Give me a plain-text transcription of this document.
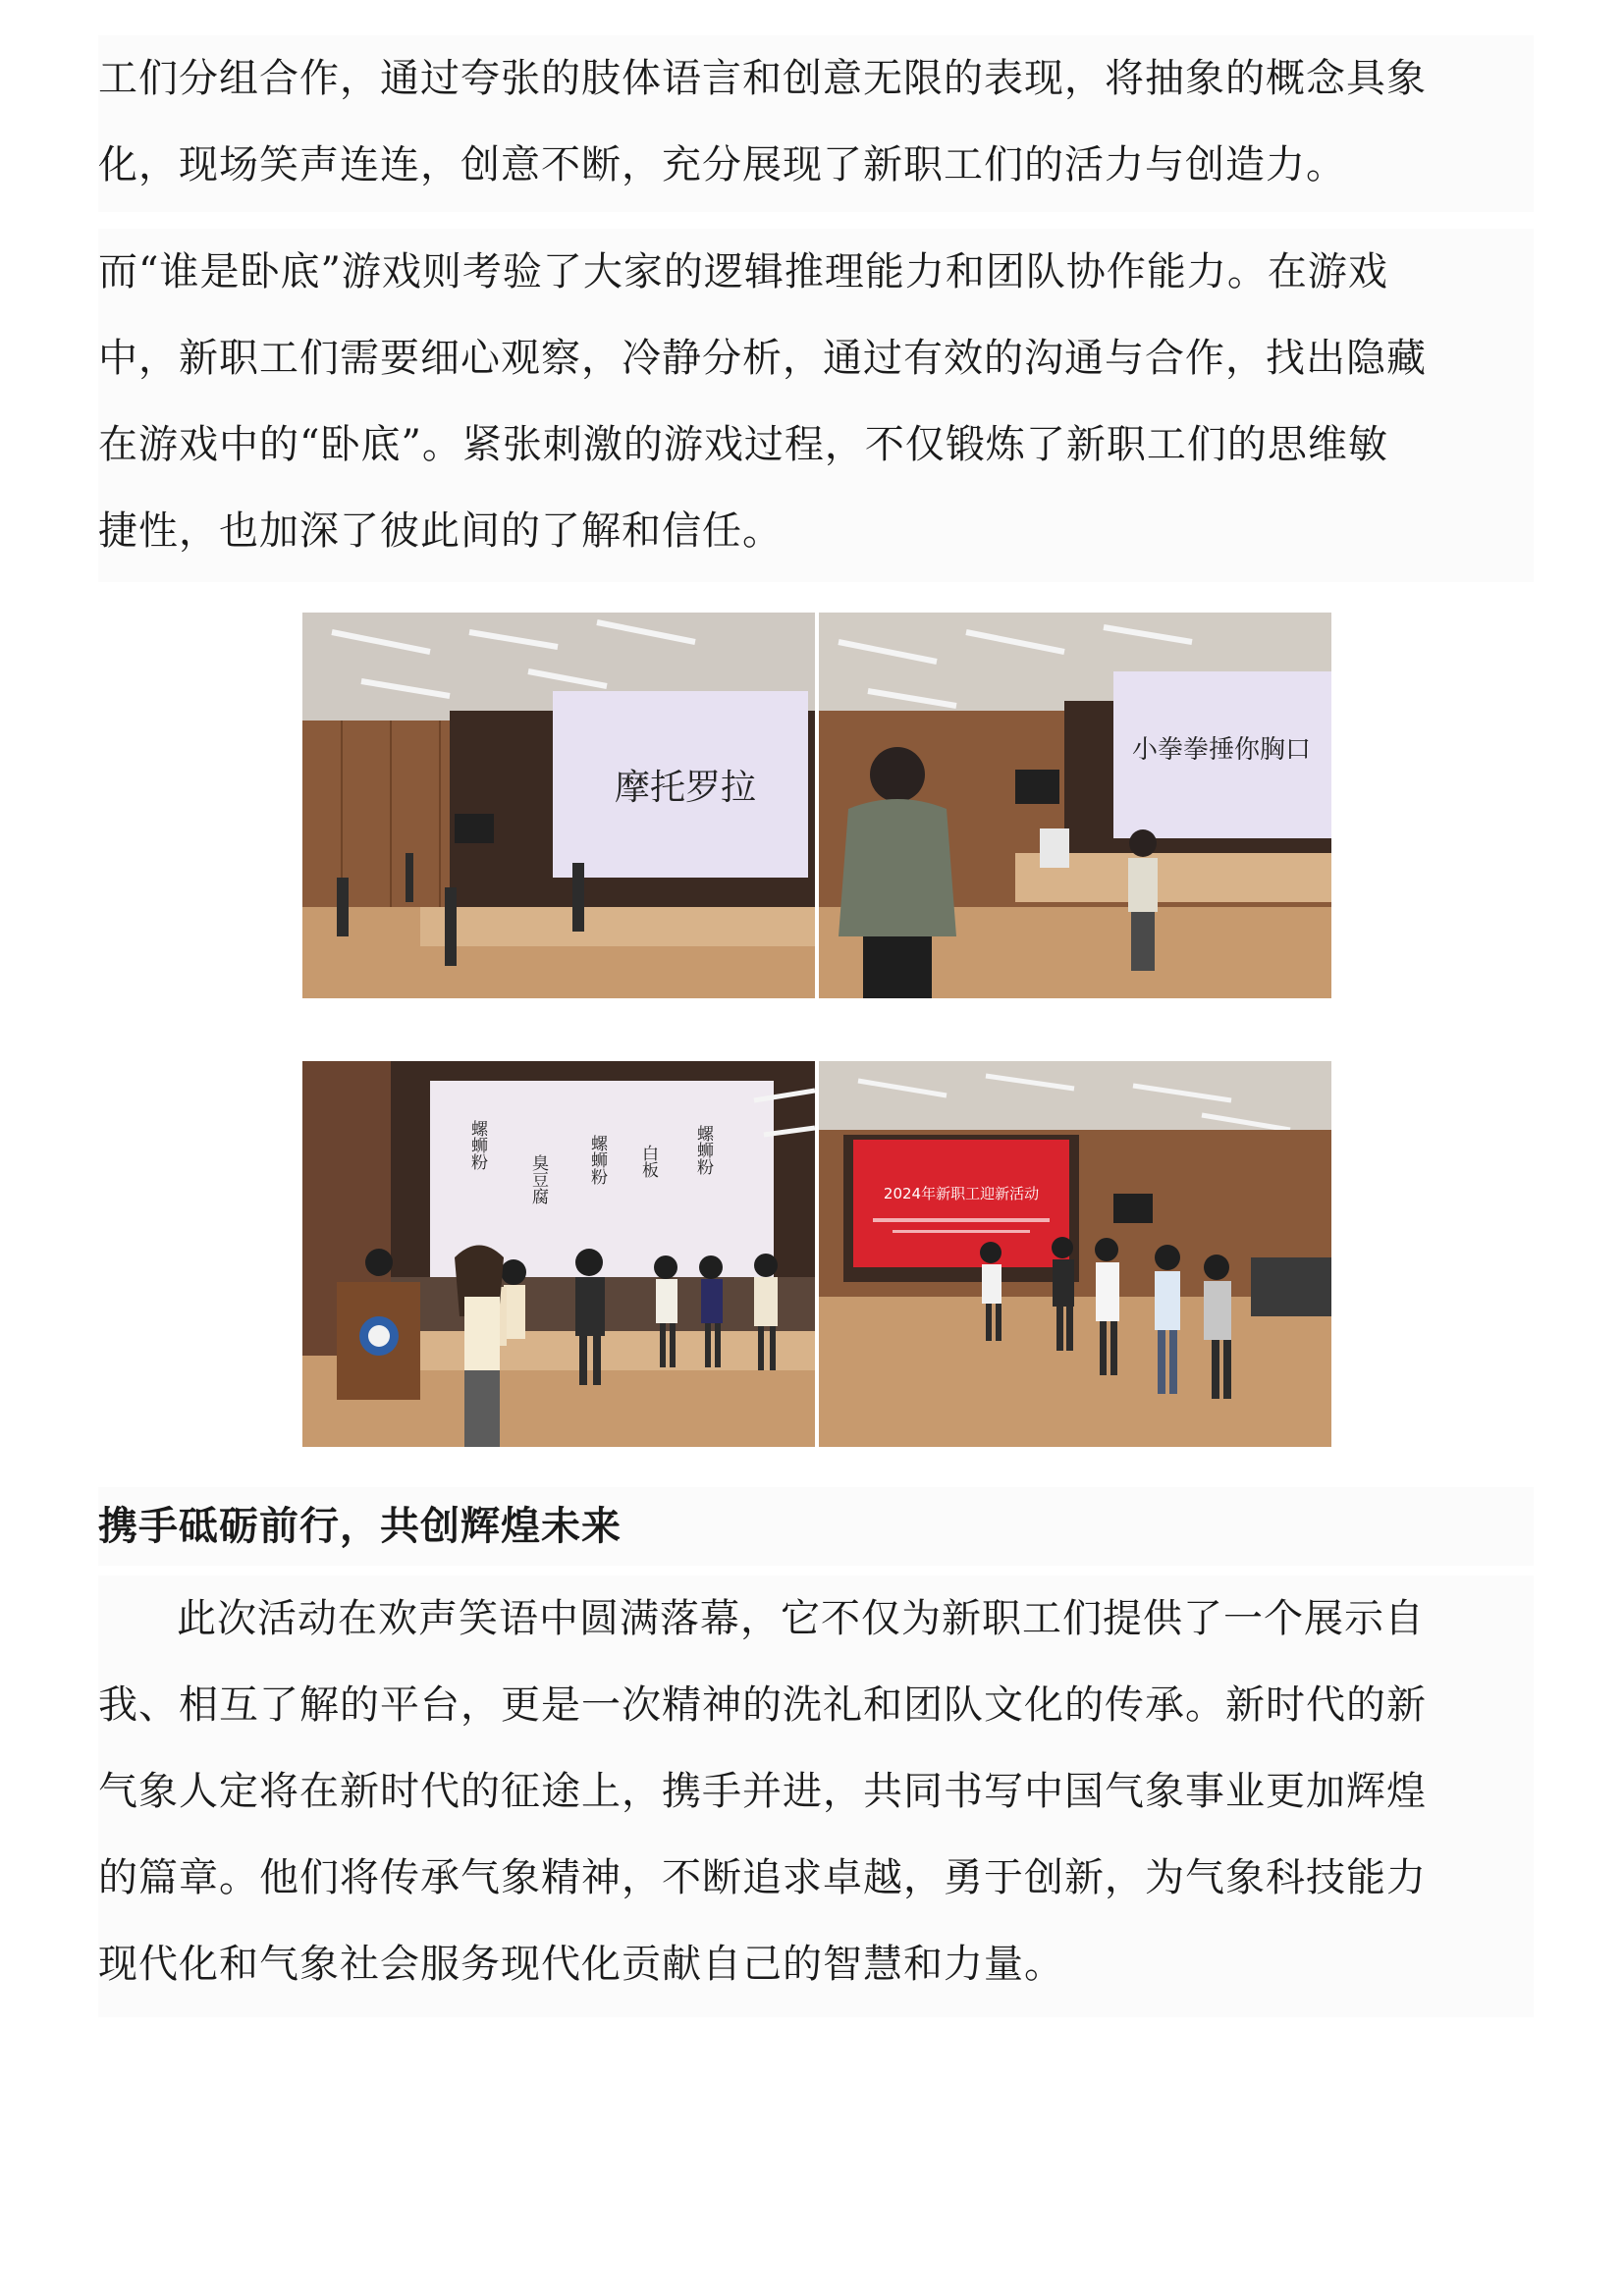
工们分组合作，通过夸张的肢体语言和创意无限的表现，将抽象的概念具象

化，现场笑声连连，创意不断，充分展现了新职工们的活力与创造力。

而“谁是卧底”游戏则考验了大家的逻辑推理能力和团队协作能力。在游戏

中，新职工们需要细心观察，冷静分析，通过有效的沟通与合作，找出隐藏

在游戏中的“卧底”。紧张刺激的游戏过程，不仅锻炼了新职工们的思维敏

捷性，也加深了彼此间的了解和信任。

摩托罗拉
小拳拳捶你胸口
螺蛳粉
臭豆腐 螺蛳粉 白板 螺蛳粉
2024年新职工迎新活动
携手砥砺前行，共创辉煌未来

此次活动在欢声笑语中圆满落幕，它不仅为新职工们提供了一个展示自

我、相互了解的平台，更是一次精神的洗礼和团队文化的传承。新时代的新

气象人定将在新时代的征途上，携手并进，共同书写中国气象事业更加辉煌

的篇章。他们将传承气象精神，不断追求卓越，勇于创新，为气象科技能力

现代化和气象社会服务现代化贡献自己的智慧和力量。
